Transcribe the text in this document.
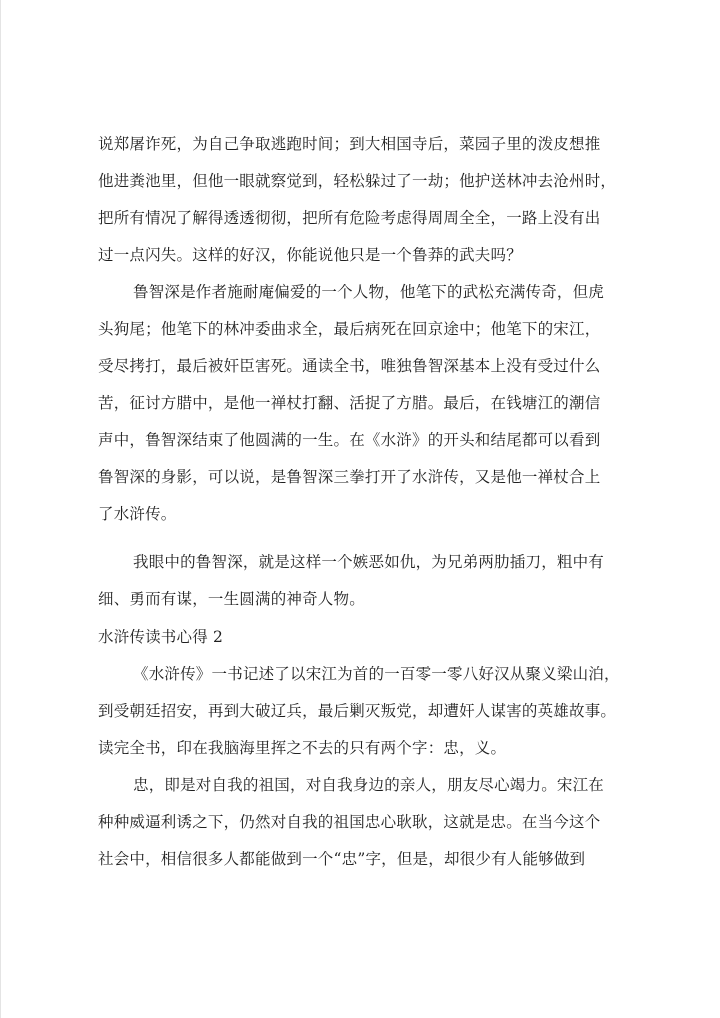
说郑屠诈死，为自己争取逃跑时间；到大相国寺后，菜园子里的泼皮想推
他进粪池里，但他一眼就察觉到，轻松躲过了一劫；他护送林冲去沧州时，
把所有情况了解得透透彻彻，把所有危险考虑得周周全全，一路上没有出
过一点闪失。这样的好汉，你能说他只是一个鲁莽的武夫吗？
鲁智深是作者施耐庵偏爱的一个人物，他笔下的武松充满传奇，但虎
头狗尾；他笔下的林冲委曲求全，最后病死在回京途中；他笔下的宋江，
受尽拷打，最后被奸臣害死。通读全书，唯独鲁智深基本上没有受过什么
苦，征讨方腊中，是他一禅杖打翻、活捉了方腊。最后，在钱塘江的潮信
声中，鲁智深结束了他圆满的一生。在《水浒》的开头和结尾都可以看到
鲁智深的身影，可以说，是鲁智深三拳打开了水浒传，又是他一禅杖合上
了水浒传。
我眼中的鲁智深，就是这样一个嫉恶如仇，为兄弟两肋插刀，粗中有
细、勇而有谋，一生圆满的神奇人物。
水浒传读书心得 2
《水浒传》一书记述了以宋江为首的一百零一零八好汉从聚义梁山泊，
到受朝廷招安，再到大破辽兵，最后剿灭叛党，却遭奸人谋害的英雄故事。
读完全书，印在我脑海里挥之不去的只有两个字：忠，义。
忠，即是对自我的祖国，对自我身边的亲人，朋友尽心竭力。宋江在
种种威逼利诱之下，仍然对自我的祖国忠心耿耿，这就是忠。在当今这个
社会中，相信很多人都能做到一个“忠”字，但是，却很少有人能够做到
